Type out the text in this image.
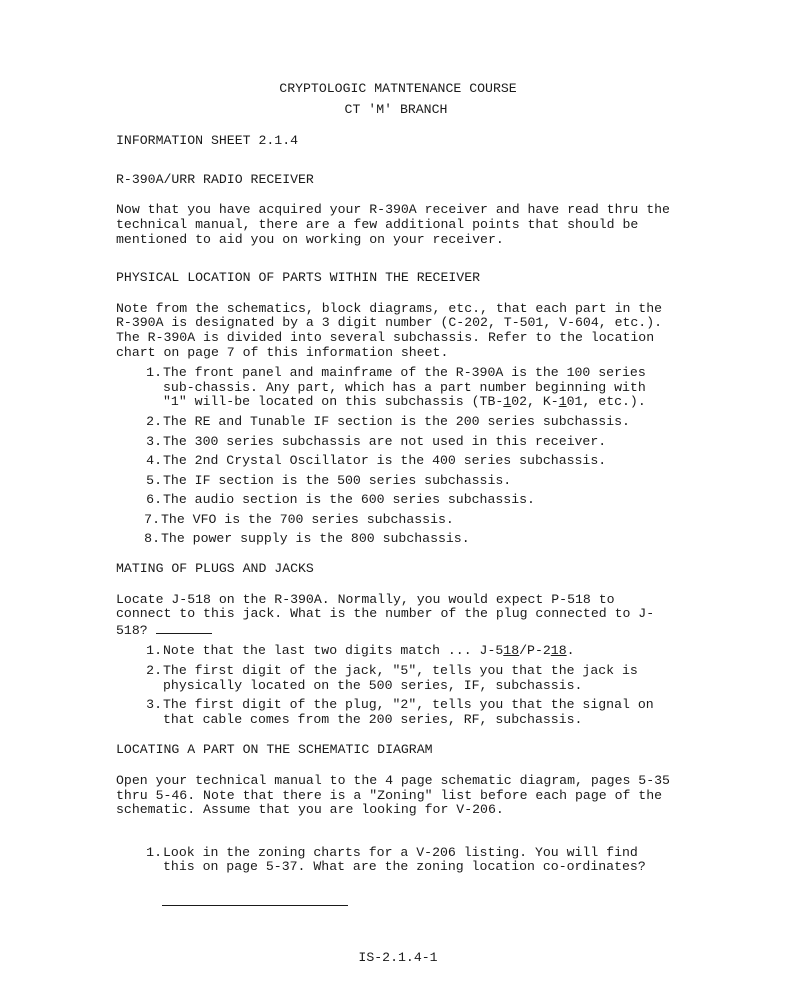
CRYPTOLOGIC MATNTENANCE COURSE

CT 'M' BRANCH

INFORMATION SHEET 2.1.4

R-390A/URR RADIO RECEIVER

Now that you have acquired your R-390A receiver and have read thru the technical manual, there are a few additional points that should be mentioned to aid you on working on your receiver.

PHYSICAL LOCATION OF PARTS WITHIN THE RECEIVER

Note from the schematics, block diagrams, etc., that each part in the R-390A is designated by a 3 digit number (C-202, T-501, V-604, etc.). The R-390A is divided into several subchassis. Refer to the location chart on page 7 of this information sheet.

1. The front panel and mainframe of the R-390A is the 100 series sub-chassis. Any part, which has a part number beginning with "1" will-be located on this subchassis (TB-102, K-101, etc.).
2. The RE and Tunable IF section is the 200 series subchassis.
3. The 300 series subchassis are not used in this receiver.
4. The 2nd Crystal Oscillator is the 400 series subchassis.
5. The IF section is the 500 series subchassis.
6. The audio section is the 600 series subchassis.
7. The VFO is the 700 series subchassis.
8. The power supply is the 800 subchassis.

MATING OF PLUGS AND JACKS

Locate J-518 on the R-390A. Normally, you would expect P-518 to connect to this jack. What is the number of the plug connected to J-518?

1. Note that the last two digits match ... J-518/P-218.
2. The first digit of the jack, "5", tells you that the jack is physically located on the 500 series, IF, subchassis.
3. The first digit of the plug, "2", tells you that the signal on that cable comes from the 200 series, RF, subchassis.

LOCATING A PART ON THE SCHEMATIC DIAGRAM

Open your technical manual to the 4 page schematic diagram, pages 5-35 thru 5-46. Note that there is a "Zoning" list before each page of the schematic. Assume that you are looking for V-206.

1. Look in the zoning charts for a V-206 listing. You will find this on page 5-37. What are the zoning location co-ordinates?
IS-2.1.4-1
